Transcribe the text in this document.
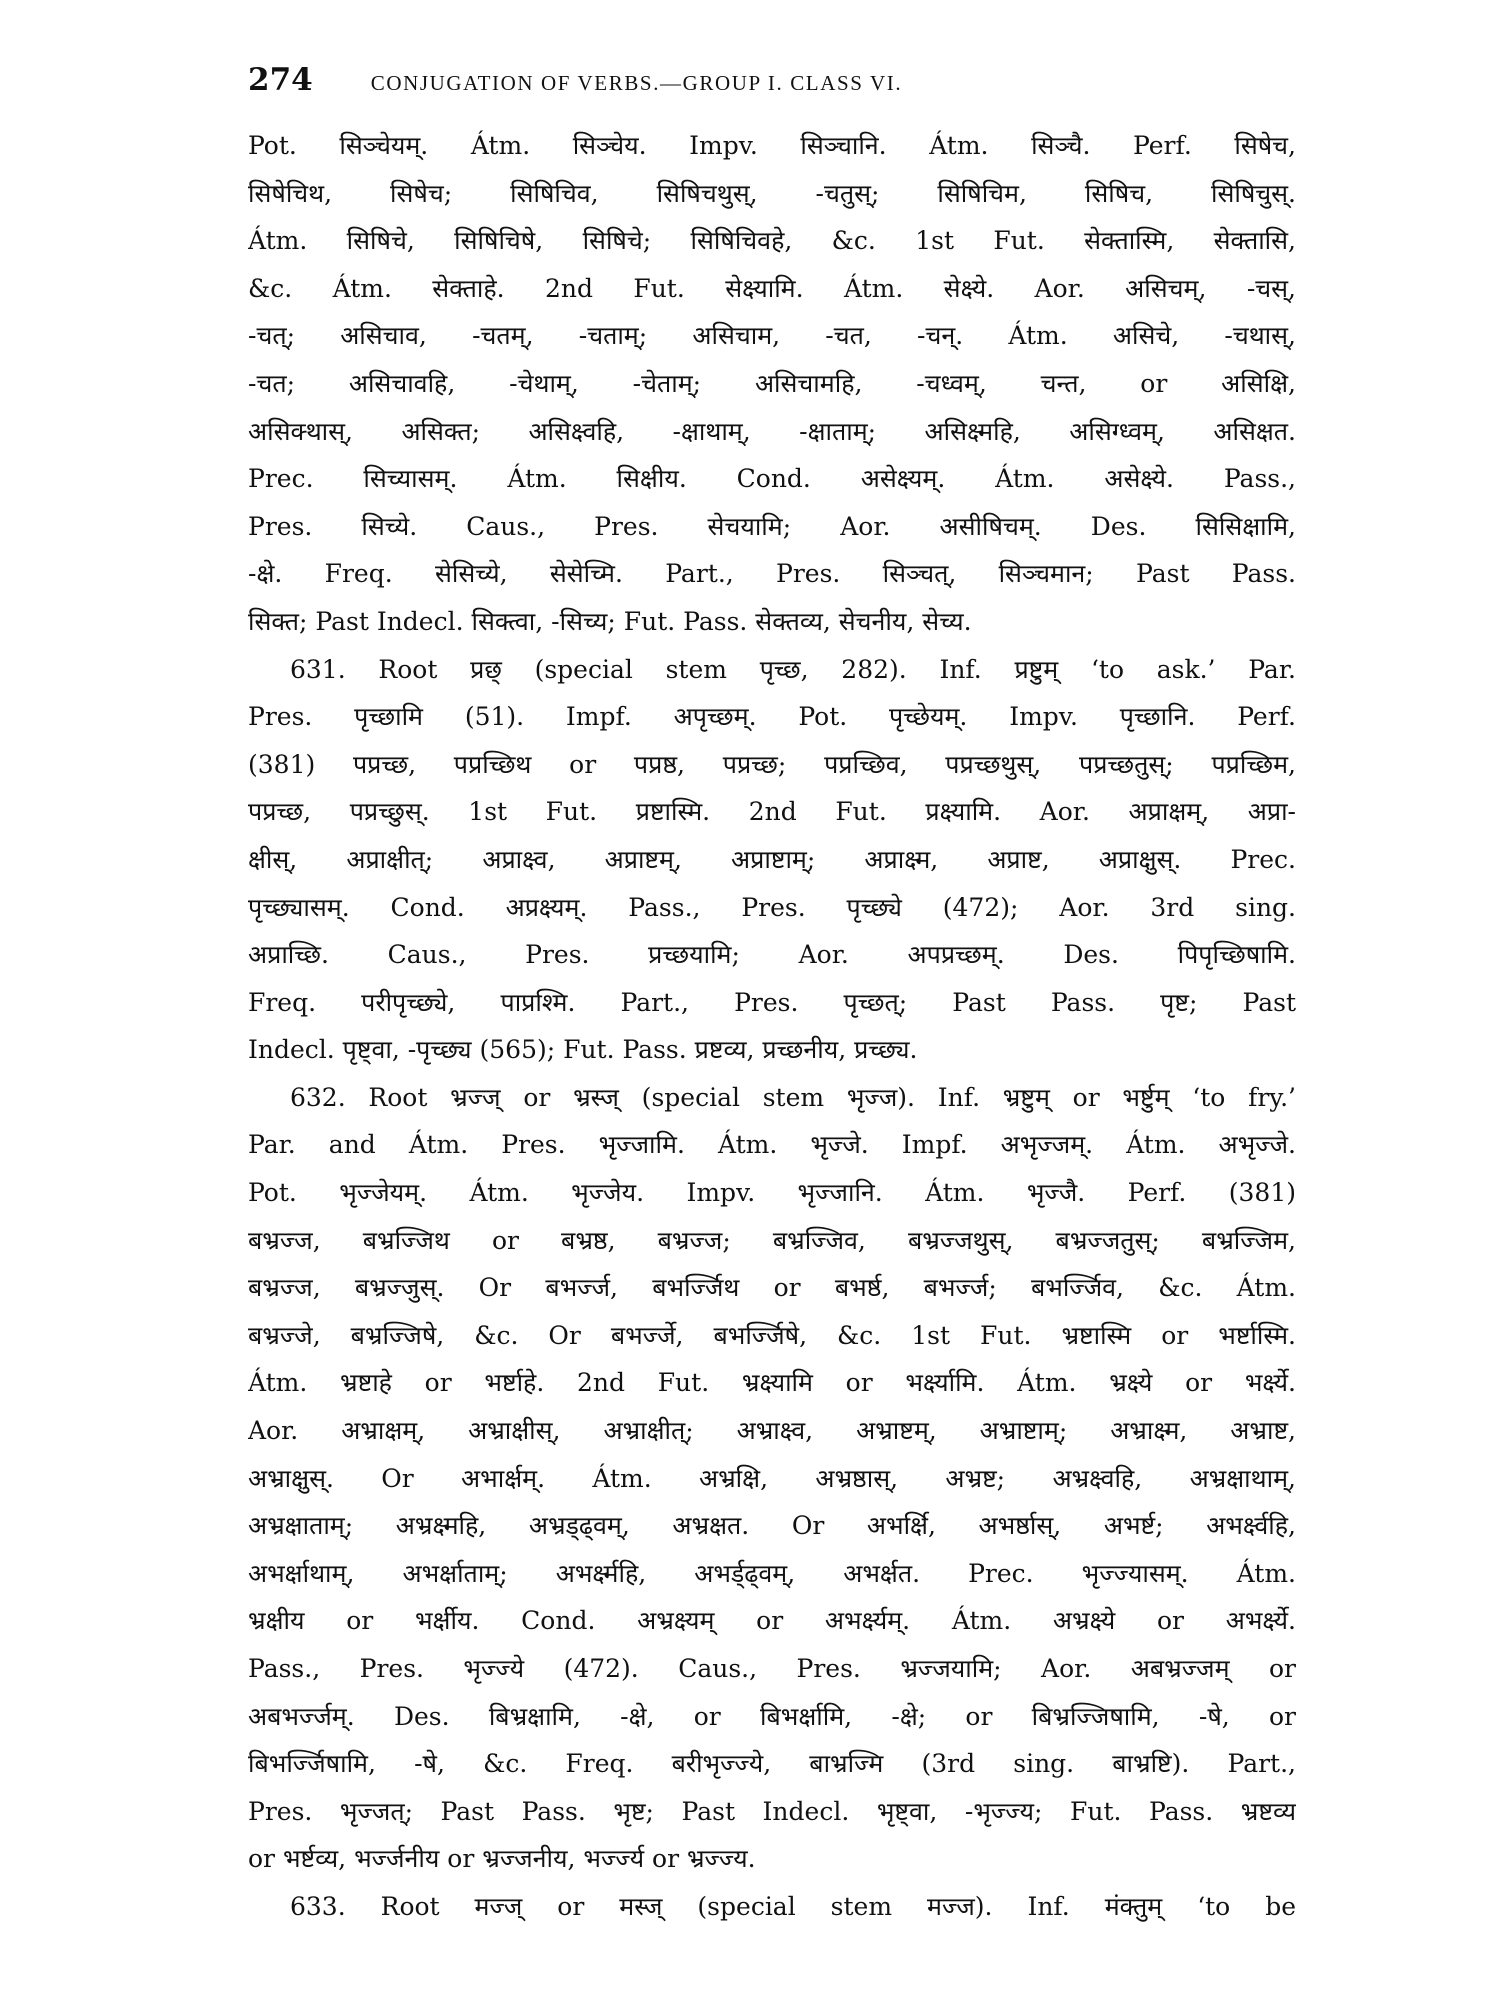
274	CONJUGATION OF VERBS.—GROUP I. CLASS VI.
Pot. सिञ्चेयम्. Átm. सिञ्चेय. Impv. सिञ्चानि. Átm. सिञ्चै. Perf. सिषेच,
सिषेचिथ, सिषेच; सिषिचिव, सिषिचथुस्, -चतुस्; सिषिचिम, सिषिच, सिषिचुस्.
Átm. सिषिचे, सिषिचिषे, सिषिचे; सिषिचिवहे, &c. 1st Fut. सेक्तास्मि, सेक्तासि,
&c. Átm. सेक्ताहे. 2nd Fut. सेक्ष्यामि. Átm. सेक्ष्ये. Aor. असिचम्, -चस्,
-चत्; असिचाव, -चतम्, -चताम्; असिचाम, -चत, -चन्. Átm. असिचे, -चथास्,
-चत; असिचावहि, -चेथाम्, -चेताम्; असिचामहि, -चध्वम्, चन्त, or असिक्षि,
असिक्थास्, असिक्त; असिक्ष्वहि, -क्षाथाम्, -क्षाताम्; असिक्ष्महि, असिग्ध्वम्, असिक्षत.
Prec. सिच्यासम्. Átm. सिक्षीय. Cond. असेक्ष्यम्. Átm. असेक्ष्ये. Pass.,
Pres. सिच्ये. Caus., Pres. सेचयामि; Aor. असीषिचम्. Des. सिसिक्षामि,
-क्षे. Freq. सेसिच्ये, सेसेच्मि. Part., Pres. सिञ्चत्, सिञ्चमान; Past Pass.
सिक्त; Past Indecl. सिक्त्वा, -सिच्य; Fut. Pass. सेक्तव्य, सेचनीय, सेच्य.
631. Root प्रछ् (special stem पृच्छ, 282). Inf. प्रष्टुम् ‘to ask.’ Par.
Pres. पृच्छामि (51). Impf. अपृच्छम्. Pot. पृच्छेयम्. Impv. पृच्छानि. Perf.
(381) पप्रच्छ, पप्रच्छिथ or पप्रष्ठ, पप्रच्छ; पप्रच्छिव, पप्रच्छथुस्, पप्रच्छतुस्; पप्रच्छिम,
पप्रच्छ, पप्रच्छुस्. 1st Fut. प्रष्टास्मि. 2nd Fut. प्रक्ष्यामि. Aor. अप्राक्षम्, अप्रा-
क्षीस्, अप्राक्षीत्; अप्राक्ष्व, अप्राष्टम्, अप्राष्टाम्; अप्राक्ष्म, अप्राष्ट, अप्राक्षुस्. Prec.
पृच्छ्यासम्. Cond. अप्रक्ष्यम्. Pass., Pres. पृच्छ्ये (472); Aor. 3rd sing.
अप्राच्छि. Caus., Pres. प्रच्छयामि; Aor. अपप्रच्छम्. Des. पिपृच्छिषामि.
Freq. परीपृच्छ्ये, पाप्रश्मि. Part., Pres. पृच्छत्; Past Pass. पृष्ट; Past
Indecl. पृष्ट्वा, -पृच्छ्य (565); Fut. Pass. प्रष्टव्य, प्रच्छनीय, प्रच्छ्य.
632. Root भ्रज्ज् or भ्रस्ज् (special stem भृज्ज). Inf. भ्रष्टुम् or भर्ष्टुम् ‘to fry.’
Par. and Átm. Pres. भृज्जामि. Átm. भृज्जे. Impf. अभृज्जम्. Átm. अभृज्जे.
Pot. भृज्जेयम्. Átm. भृज्जेय. Impv. भृज्जानि. Átm. भृज्जै. Perf. (381)
बभ्रज्ज, बभ्रज्जिथ or बभ्रष्ठ, बभ्रज्ज; बभ्रज्जिव, बभ्रज्जथुस्, बभ्रज्जतुस्; बभ्रज्जिम,
बभ्रज्ज, बभ्रज्जुस्. Or बभर्ज्ज, बभर्ज्जिथ or बभर्ष्ठ, बभर्ज्ज; बभर्ज्जिव, &c. Átm.
बभ्रज्जे, बभ्रज्जिषे, &c. Or बभर्ज्जे, बभर्ज्जिषे, &c. 1st Fut. भ्रष्टास्मि or भर्ष्टास्मि.
Átm. भ्रष्टाहे or भर्ष्टाहे. 2nd Fut. भ्रक्ष्यामि or भर्क्ष्यामि. Átm. भ्रक्ष्ये or भर्क्ष्ये.
Aor. अभ्राक्षम्, अभ्राक्षीस्, अभ्राक्षीत्; अभ्राक्ष्व, अभ्राष्टम्, अभ्राष्टाम्; अभ्राक्ष्म, अभ्राष्ट,
अभ्राक्षुस्. Or अभार्क्षम्. Átm. अभ्रक्षि, अभ्रष्ठास्, अभ्रष्ट; अभ्रक्ष्वहि, अभ्रक्षाथाम्,
अभ्रक्षाताम्; अभ्रक्ष्महि, अभ्रड्ढ्वम्, अभ्रक्षत. Or अभर्क्षि, अभर्ष्ठास्, अभर्ष्ट; अभर्क्ष्वहि,
अभर्क्षाथाम्, अभर्क्षाताम्; अभर्क्ष्महि, अभर्ड्ढ्वम्, अभर्क्षत. Prec. भृज्ज्यासम्. Átm.
भ्रक्षीय or भर्क्षीय. Cond. अभ्रक्ष्यम् or अभर्क्ष्यम्. Átm. अभ्रक्ष्ये or अभर्क्ष्ये.
Pass., Pres. भृज्ज्ये (472). Caus., Pres. भ्रज्जयामि; Aor. अबभ्रज्जम् or
अबभर्ज्जम्. Des. बिभ्रक्षामि, -क्षे, or बिभर्क्षामि, -क्षे; or बिभ्रज्जिषामि, -षे, or
बिभर्ज्जिषामि, -षे, &c. Freq. बरीभृज्ज्ये, बाभ्रज्मि (3rd sing. बाभ्रष्टि). Part.,
Pres. भृज्जत्; Past Pass. भृष्ट; Past Indecl. भृष्ट्वा, -भृज्ज्य; Fut. Pass. भ्रष्टव्य
or भर्ष्टव्य, भर्ज्जनीय or भ्रज्जनीय, भर्ज्ज्य or भ्रज्ज्य.
633. Root मज्ज् or मस्ज् (special stem मज्ज). Inf. मंक्तुम् ‘to be
